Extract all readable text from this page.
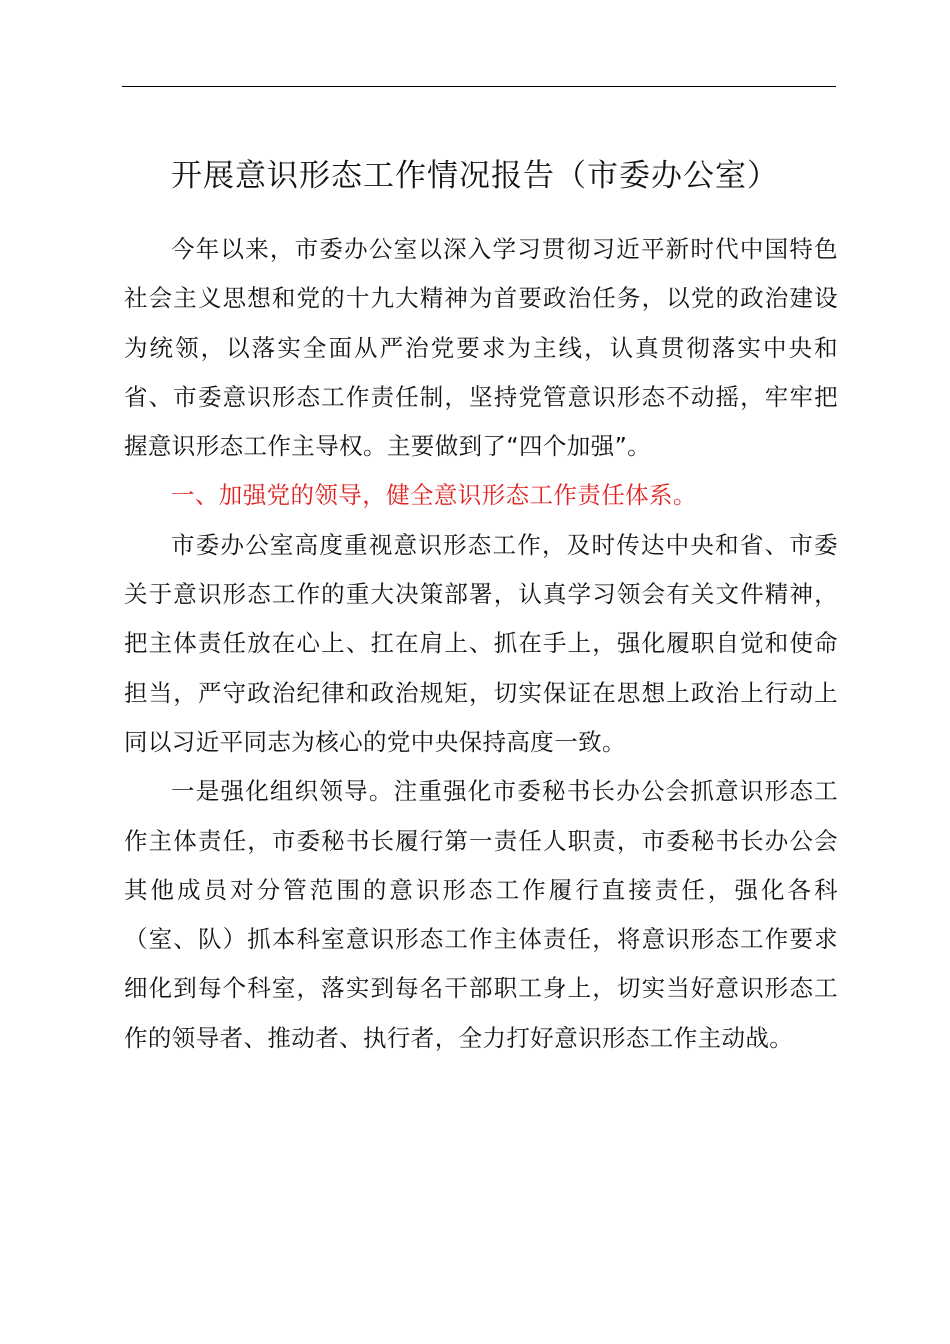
开展意识形态工作情况报告（市委办公室）

今年以来，市委办公室以深入学习贯彻习近平新时代中国特色社会主义思想和党的十九大精神为首要政治任务，以党的政治建设为统领，以落实全面从严治党要求为主线，认真贯彻落实中央和省、市委意识形态工作责任制，坚持党管意识形态不动摇，牢牢把握意识形态工作主导权。主要做到了“四个加强”。

一、加强党的领导，健全意识形态工作责任体系。

市委办公室高度重视意识形态工作，及时传达中央和省、市委关于意识形态工作的重大决策部署，认真学习领会有关文件精神，把主体责任放在心上、扛在肩上、抓在手上，强化履职自觉和使命担当，严守政治纪律和政治规矩，切实保证在思想上政治上行动上同以习近平同志为核心的党中央保持高度一致。

一是强化组织领导。注重强化市委秘书长办公会抓意识形态工作主体责任，市委秘书长履行第一责任人职责，市委秘书长办公会其他成员对分管范围的意识形态工作履行直接责任，强化各科（室、队）抓本科室意识形态工作主体责任，将意识形态工作要求细化到每个科室，落实到每名干部职工身上，切实当好意识形态工作的领导者、推动者、执行者，全力打好意识形态工作主动战。
